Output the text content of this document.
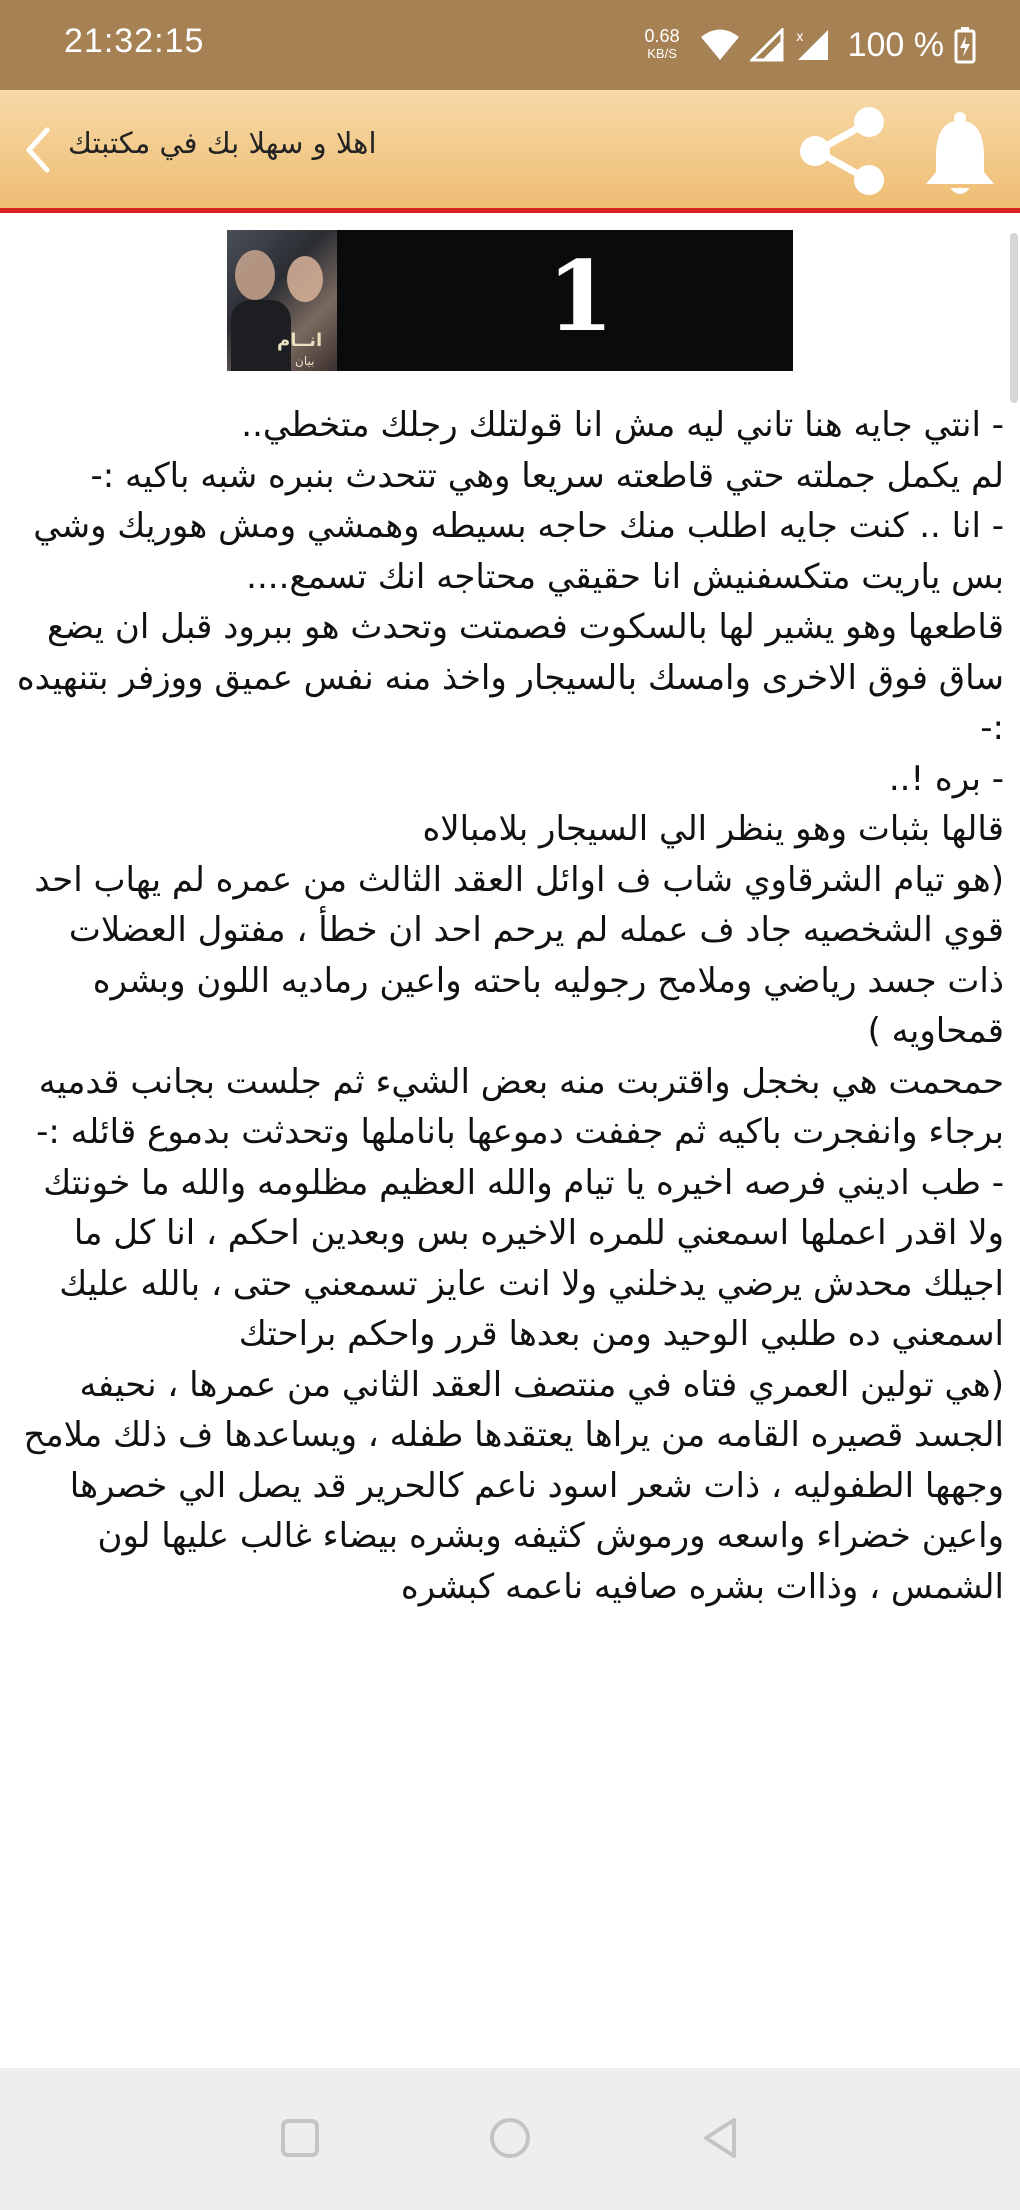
21:32:15	0.68
KB/S
x 100 %
اهلا و سهلا بك في مكتبتك
انــام
بيان
1

- انتي جايه هنا تاني ليه مش انا قولتلك رجلك متخطي..

لم يكمل جملته حتي قاطعته سريعا وهي تتحدث بنبره شبه باكيه :-

- انا .. كنت جايه اطلب منك حاجه بسيطه وهمشي ومش هوريك وشي بس ياريت متكسفنيش انا حقيقي محتاجه انك تسمع....

قاطعها وهو يشير لها بالسكوت فصمتت وتحدث هو ببرود قبل ان يضع ساق فوق الاخرى وامسك بالسيجار واخذ منه نفس عميق ووزفر بتنهيده :-

- بره !..

قالها بثبات وهو ينظر الي السيجار بلامبالاه

(هو تيام الشرقاوي شاب ف اوائل العقد الثالث من عمره لم يهاب احد قوي الشخصيه جاد ف عمله لم يرحم احد ان خطأ ، مفتول العضلات ذات جسد رياضي وملامح رجوليه باحته واعين رماديه اللون وبشره قمحاويه )

حمحمت هي بخجل واقتربت منه بعض الشيء ثم جلست بجانب قدميه برجاء وانفجرت باكيه ثم جففت دموعها باناملها وتحدثت بدموع قائله :-

- طب اديني فرصه اخيره يا تيام والله العظيم مظلومه والله ما خونتك ولا اقدر اعملها اسمعني للمره الاخيره بس وبعدين احكم ، انا كل ما اجيلك محدش يرضي يدخلني ولا انت عايز تسمعني حتى ، بالله عليك اسمعني ده طلبي الوحيد ومن بعدها قرر واحكم براحتك

(هي تولين العمري فتاه في منتصف العقد الثاني من عمرها ، نحيفه الجسد قصيره القامه من يراها يعتقدها طفله ، ويساعدها ف ذلك ملامح وجهها الطفوليه ، ذات شعر اسود ناعم كالحرير قد يصل الي خصرها واعين خضراء واسعه ورموش كثيفه وبشره بيضاء غالب عليها لون الشمس ، وذاات بشره صافيه ناعمه كبشره
